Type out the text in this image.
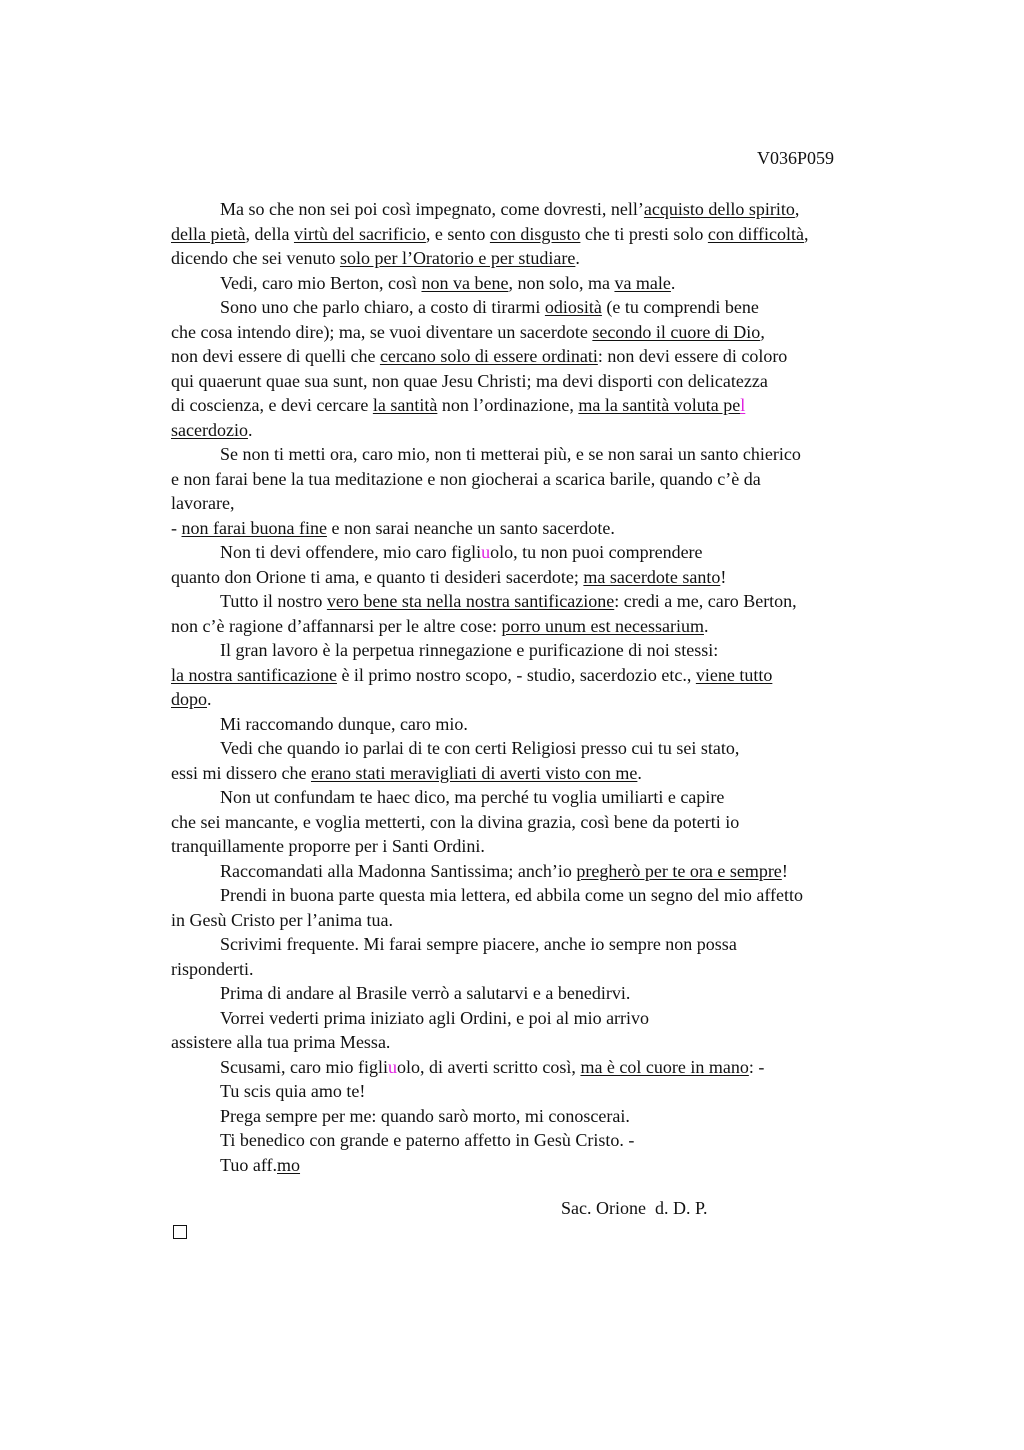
V036P059
Ma so che non sei poi così impegnato, come dovresti, nell’acquisto dello spirito,
della pietà, della virtù del sacrificio, e sento con disgusto che ti presti solo con difficoltà,
dicendo che sei venuto solo per l’Oratorio e per studiare.
Vedi, caro mio Berton, così non va bene, non solo, ma va male.
Sono uno che parlo chiaro, a costo di tirarmi odiosità (e tu comprendi bene
che cosa intendo dire); ma, se vuoi diventare un sacerdote secondo il cuore di Dio,
non devi essere di quelli che cercano solo di essere ordinati: non devi essere di coloro
qui quaerunt quae sua sunt, non quae Jesu Christi; ma devi disporti con delicatezza
di coscienza, e devi cercare la santità non l’ordinazione, ma la santità voluta pel
sacerdozio.
Se non ti metti ora, caro mio, non ti metterai più, e se non sarai un santo chierico
e non farai bene la tua meditazione e non giocherai a scarica barile, quando c’è da
lavorare,
- non farai buona fine e non sarai neanche un santo sacerdote.
Non ti devi offendere, mio caro figliuolo, tu non puoi comprendere
quanto don Orione ti ama, e quanto ti desideri sacerdote; ma sacerdote santo!
Tutto il nostro vero bene sta nella nostra santificazione: credi a me, caro Berton,
non c’è ragione d’affannarsi per le altre cose: porro unum est necessarium.
Il gran lavoro è la perpetua rinnegazione e purificazione di noi stessi:
la nostra santificazione è il primo nostro scopo, - studio, sacerdozio etc., viene tutto
dopo.
Mi raccomando dunque, caro mio.
Vedi che quando io parlai di te con certi Religiosi presso cui tu sei stato,
essi mi dissero che erano stati meravigliati di averti visto con me.
Non ut confundam te haec dico, ma perché tu voglia umiliarti e capire
che sei mancante, e voglia metterti, con la divina grazia, così bene da poterti io
tranquillamente proporre per i Santi Ordini.
Raccomandati alla Madonna Santissima; anch’io pregherò per te ora e sempre!
Prendi in buona parte questa mia lettera, ed abbila come un segno del mio affetto
in Gesù Cristo per l’anima tua.
Scrivimi frequente. Mi farai sempre piacere, anche io sempre non possa
risponderti.
Prima di andare al Brasile verrò a salutarvi e a benedirvi.
Vorrei vederti prima iniziato agli Ordini, e poi al mio arrivo
assistere alla tua prima Messa.
Scusami, caro mio figliuolo, di averti scritto così, ma è col cuore in mano: -
Tu scis quia amo te!
Prega sempre per me: quando sarò morto, mi conoscerai.
Ti benedico con grande e paterno affetto in Gesù Cristo. -
Tuo aff.mo
Sac. Orione  d. D. P.
